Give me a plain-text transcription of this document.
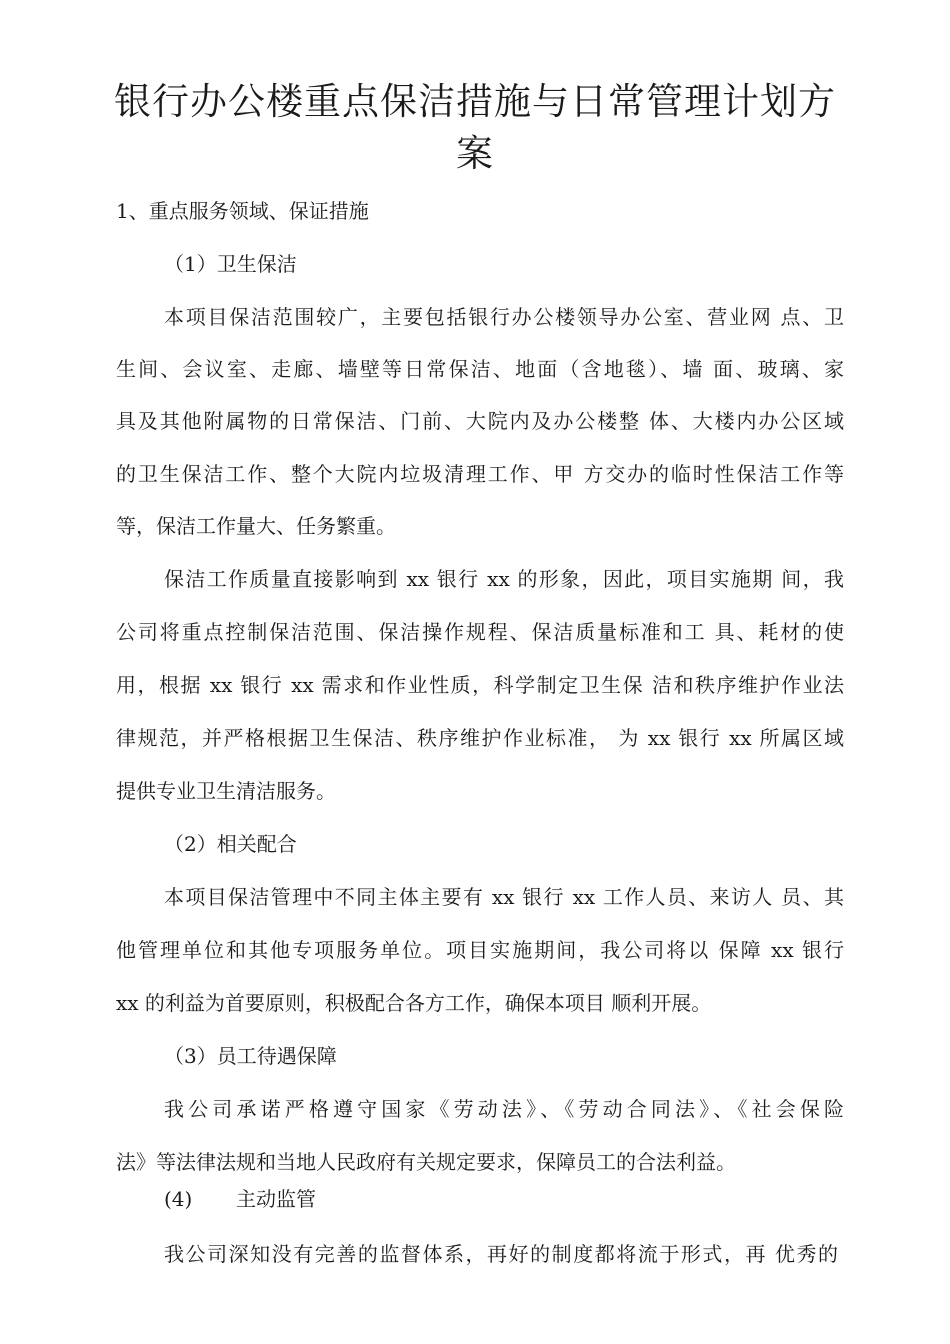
银行办公楼重点保洁措施与日常管理计划方
案
1、重点服务领域、保证措施
（1）卫生保洁
本项目保洁范围较广，主要包括银行办公楼领导办公室、营业网 点、卫
生间、会议室、走廊、墙壁等日常保洁、地面（含地毯）、墙 面、玻璃、家
具及其他附属物的日常保洁、门前、大院内及办公楼整 体、大楼内办公区域
的卫生保洁工作、整个大院内垃圾清理工作、甲 方交办的临时性保洁工作等
等，保洁工作量大、任务繁重。
保洁工作质量直接影响到 xx 银行 xx 的形象，因此，项目实施期 间，我
公司将重点控制保洁范围、保洁操作规程、保洁质量标准和工 具、耗材的使
用，根据 xx 银行 xx 需求和作业性质，科学制定卫生保 洁和秩序维护作业法
律规范，并严格根据卫生保洁、秩序维护作业标准， 为 xx 银行 xx 所属区域
提供专业卫生清洁服务。
（2）相关配合
本项目保洁管理中不同主体主要有 xx 银行 xx 工作人员、来访人 员、其
他管理单位和其他专项服务单位。项目实施期间，我公司将以 保障 xx 银行
xx 的利益为首要原则，积极配合各方工作，确保本项目 顺利开展。
（3）员工待遇保障
我公司承诺严格遵守国家《劳动法》、《劳动合同法》、《社会保险
法》等法律法规和当地人民政府有关规定要求，保障员工的合法利益。
(4)	主动监管
我公司深知没有完善的监督体系，再好的制度都将流于形式，再 优秀的
